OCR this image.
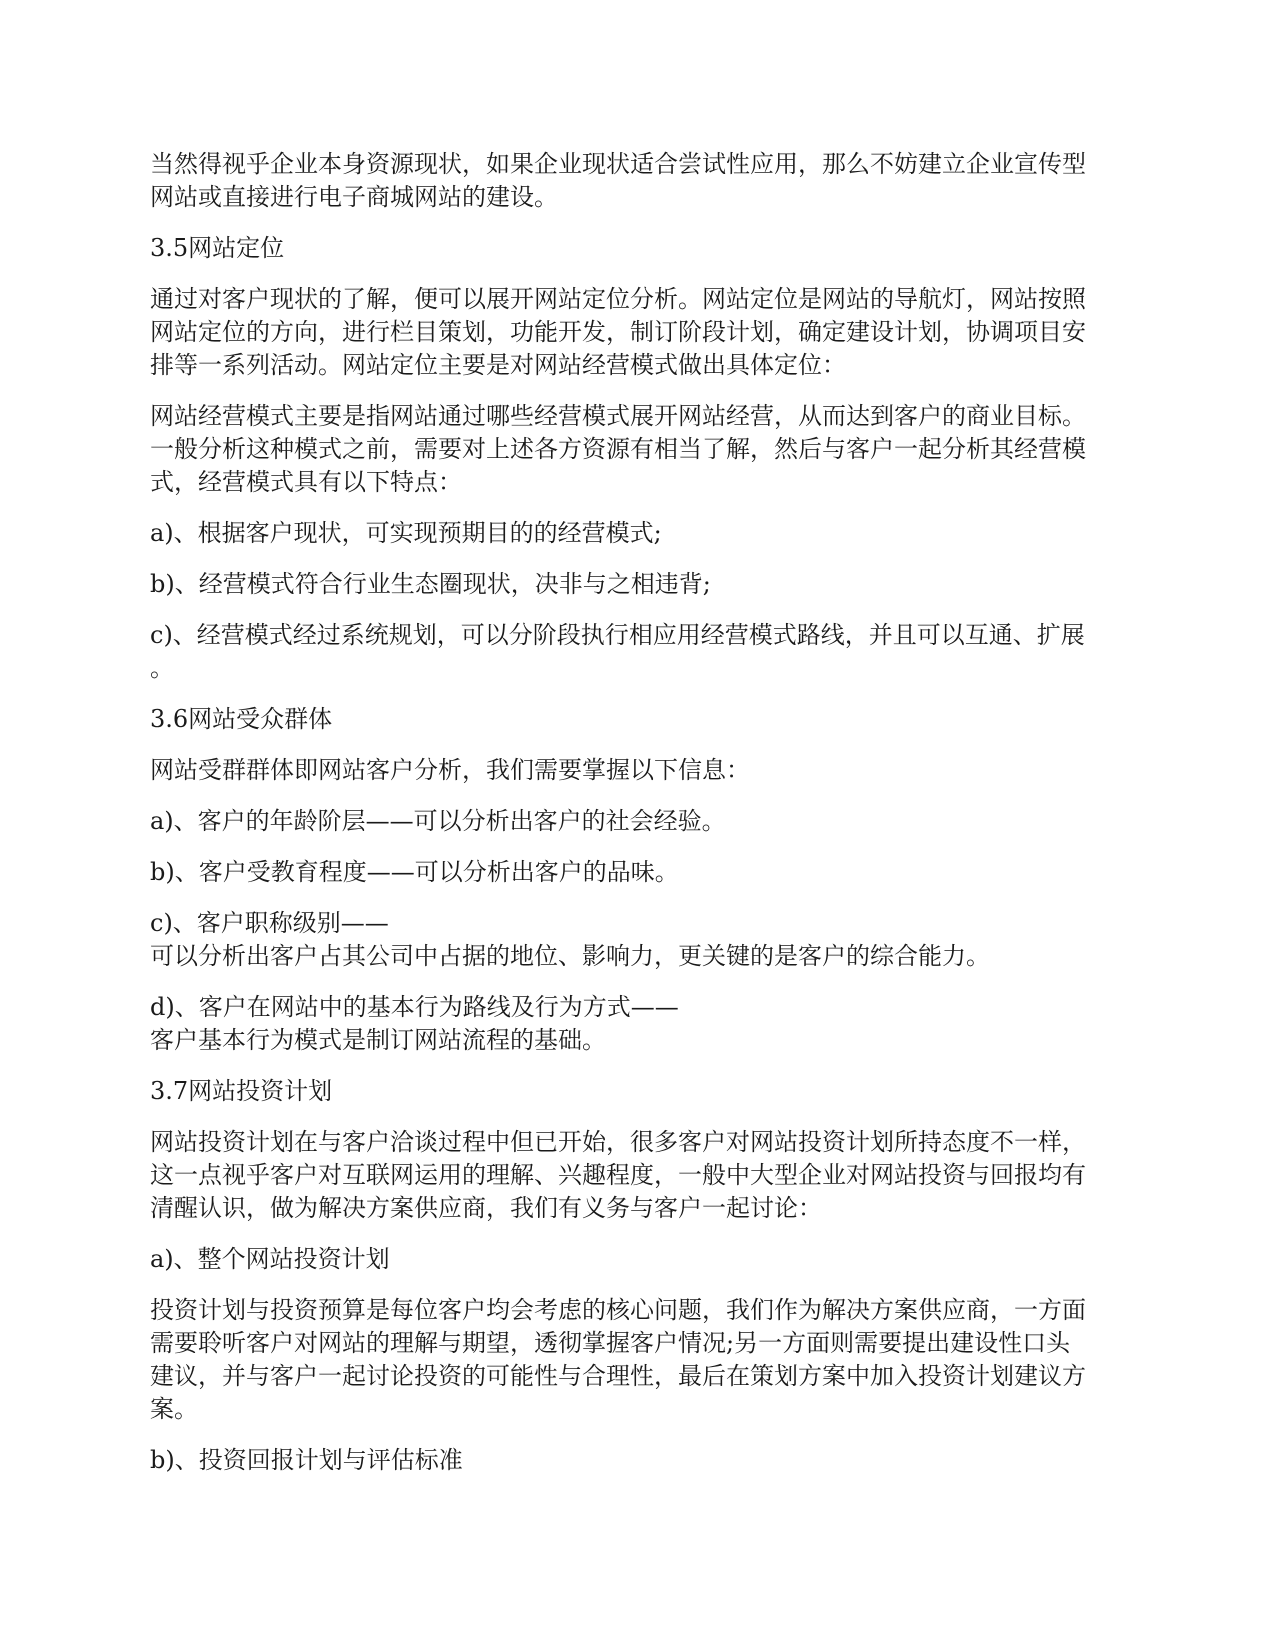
当然得视乎企业本身资源现状，如果企业现状适合尝试性应用，那么不妨建立企业宣传型
网站或直接进行电子商城网站的建设。
3.5网站定位
通过对客户现状的了解，便可以展开网站定位分析。网站定位是网站的导航灯，网站按照
网站定位的方向，进行栏目策划，功能开发，制订阶段计划，确定建设计划，协调项目安
排等一系列活动。网站定位主要是对网站经营模式做出具体定位：
网站经营模式主要是指网站通过哪些经营模式展开网站经营，从而达到客户的商业目标。
一般分析这种模式之前，需要对上述各方资源有相当了解，然后与客户一起分析其经营模
式，经营模式具有以下特点：
a)、根据客户现状，可实现预期目的的经营模式;
b)、经营模式符合行业生态圈现状，决非与之相违背;
c)、经营模式经过系统规划，可以分阶段执行相应用经营模式路线，并且可以互通、扩展
。
3.6网站受众群体
网站受群群体即网站客户分析，我们需要掌握以下信息：
a)、客户的年龄阶层——可以分析出客户的社会经验。
b)、客户受教育程度——可以分析出客户的品味。
c)、客户职称级别——
可以分析出客户占其公司中占据的地位、影响力，更关键的是客户的综合能力。
d)、客户在网站中的基本行为路线及行为方式——
客户基本行为模式是制订网站流程的基础。
3.7网站投资计划
网站投资计划在与客户洽谈过程中但已开始，很多客户对网站投资计划所持态度不一样，
这一点视乎客户对互联网运用的理解、兴趣程度，一般中大型企业对网站投资与回报均有
清醒认识，做为解决方案供应商，我们有义务与客户一起讨论：
a)、整个网站投资计划
投资计划与投资预算是每位客户均会考虑的核心问题，我们作为解决方案供应商，一方面
需要聆听客户对网站的理解与期望，透彻掌握客户情况;另一方面则需要提出建设性口头
建议，并与客户一起讨论投资的可能性与合理性，最后在策划方案中加入投资计划建议方
案。
b)、投资回报计划与评估标准
